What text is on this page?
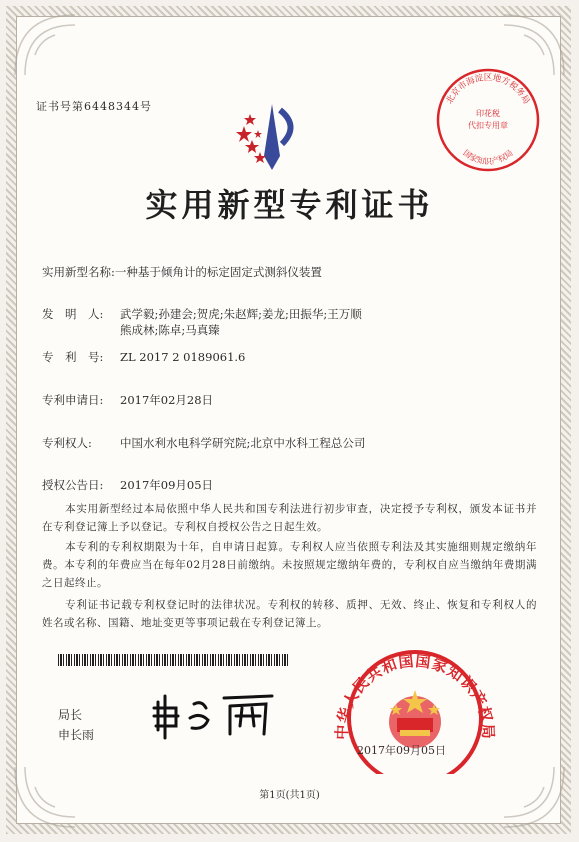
证书号第6448344号
北京市海淀区地方税务局
印花税
代扣专用章
国家知识产权局
实用新型专利证书
实用新型名称:一种基于倾角计的标定固定式测斜仪装置
发　明　人: 武学毅;孙建会;贺虎;朱赵辉;姜龙;田振华;王万顺
熊成林;陈卓;马真臻
专　利　号: ZL 2017 2 0189061.6
专利申请日: 2017年02月28日
专利权人: 中国水利水电科学研究院;北京中水科工程总公司
授权公告日: 2017年09月05日
本实用新型经过本局依照中华人民共和国专利法进行初步审查，决定授予专利权，颁发本证书并在专利登记簿上予以登记。专利权自授权公告之日起生效。
本专利的专利权期限为十年，自申请日起算。专利权人应当依照专利法及其实施细则规定缴纳年费。本专利的年费应当在每年02月28日前缴纳。未按照规定缴纳年费的，专利权自应当缴纳年费期满之日起终止。
专利证书记载专利权登记时的法律状况。专利权的转移、质押、无效、终止、恢复和专利权人的姓名或名称、国籍、地址变更等事项记载在专利登记簿上。
局长
申长雨	中华人民共和国国家知识产权局
2017年09月05日
第1页(共1页)
